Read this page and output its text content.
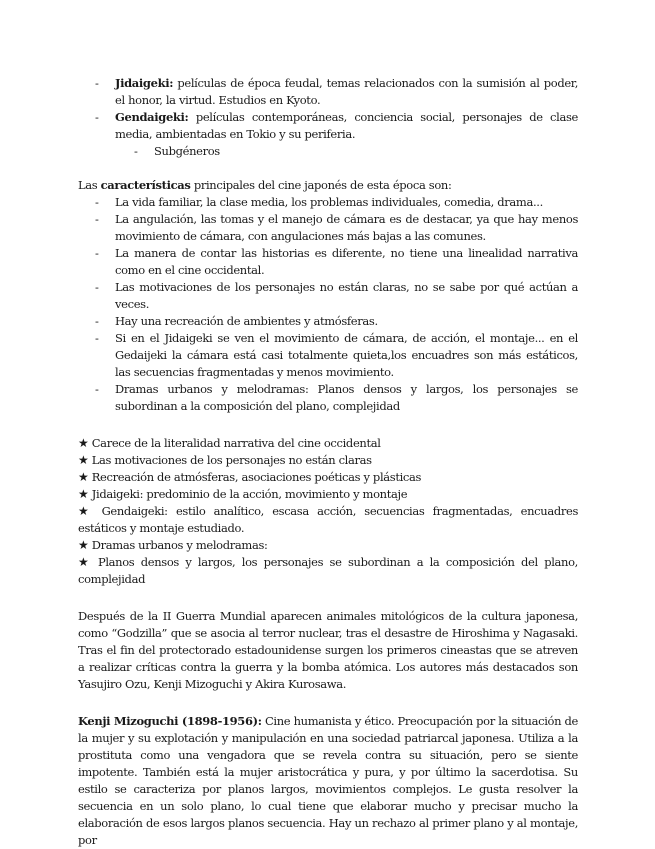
- Jidaigeki: películas de época feudal, temas relacionados con la sumisión al poder, el honor, la virtud. Estudios en Kyoto.
- Gendaigeki: películas contemporáneas, conciencia social, personajes de clase media, ambientadas en Tokio y su periferia.
- Subgéneros

Las características principales del cine japonés de esta época son:

- La vida familiar, la clase media, los problemas individuales, comedia, drama...
- La angulación, las tomas y el manejo de cámara es de destacar, ya que hay menos movimiento de cámara, con angulaciones más bajas a las comunes.
- La manera de contar las historias es diferente, no tiene una linealidad narrativa como en el cine occidental.
- Las motivaciones de los personajes no están claras, no se sabe por qué actúan a veces.
- Hay una recreación de ambientes y atmósferas.
- Si en el Jidaigeki se ven el movimiento de cámara, de acción, el montaje... en el Gedaijeki la cámara está casi totalmente quieta,los encuadres son más estáticos, las secuencias fragmentadas y menos movimiento.
- Dramas urbanos y melodramas: Planos densos y largos, los personajes se subordinan a la composición del plano, complejidad
★ Carece de la literalidad narrativa del cine occidental
★ Las motivaciones de los personajes no están claras
★ Recreación de atmósferas, asociaciones poéticas y plásticas
★ Jidaigeki: predominio de la acción, movimiento y montaje
★ Gendaigeki: estilo analítico, escasa acción, secuencias fragmentadas, encuadres estáticos y montaje estudiado.
★ Dramas urbanos y melodramas:
★ Planos densos y largos, los personajes se subordinan a la composición del plano, complejidad

Después de la II Guerra Mundial aparecen animales mitológicos de la cultura japonesa, como “Godzilla” que se asocia al terror nuclear, tras el desastre de Hiroshima y Nagasaki. Tras el fin del protectorado estadounidense surgen los primeros cineastas que se atreven a realizar críticas contra la guerra y la bomba atómica. Los autores más destacados son Yasujiro Ozu, Kenji Mizoguchi y Akira Kurosawa.

Kenji Mizoguchi (1898-1956): Cine humanista y ético. Preocupación por la situación de la mujer y su explotación y manipulación en una sociedad patriarcal japonesa. Utiliza a la prostituta como una vengadora que se revela contra su situación, pero se siente impotente. También está la mujer aristocrática y pura, y por último la sacerdotisa. Su estilo se caracteriza por planos largos, movimientos complejos. Le gusta resolver la secuencia en un solo plano, lo cual tiene que elaborar mucho y precisar mucho la elaboración de esos largos planos secuencia. Hay un rechazo al primer plano y al montaje, por
